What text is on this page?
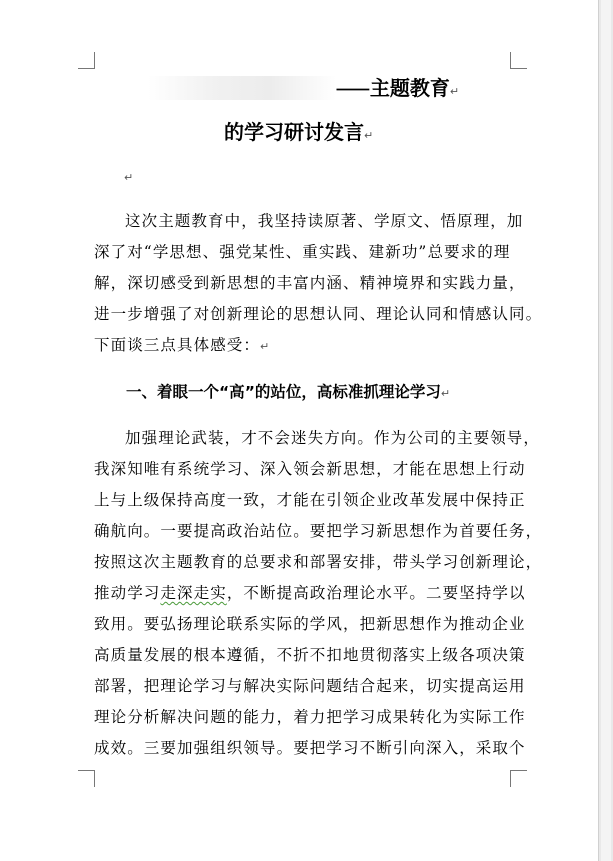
⸺主题教育↵
的学习研讨发言↵
↵

这次主题教育中，我坚持读原著、学原文、悟原理，加

深了对“学思想、强党某性、重实践、建新功”总要求的理

解，深切感受到新思想的丰富内涵、精神境界和实践力量，

进一步增强了对创新理论的思想认同、理论认同和情感认同。

下面谈三点具体感受：↵

一、着眼一个“高”的站位，高标准抓理论学习↵

加强理论武装，才不会迷失方向。作为公司的主要领导，

我深知唯有系统学习、深入领会新思想，才能在思想上行动

上与上级保持高度一致，才能在引领企业改革发展中保持正

确航向。一要提高政治站位。要把学习新思想作为首要任务，

按照这次主题教育的总要求和部署安排，带头学习创新理论，

推动学习走深走实，不断提高政治理论水平。二要坚持学以

致用。要弘扬理论联系实际的学风，把新思想作为推动企业

高质量发展的根本遵循，不折不扣地贯彻落实上级各项决策

部署，把理论学习与解决实际问题结合起来，切实提高运用

理论分析解决问题的能力，着力把学习成果转化为实际工作

成效。三要加强组织领导。要把学习不断引向深入，采取个
